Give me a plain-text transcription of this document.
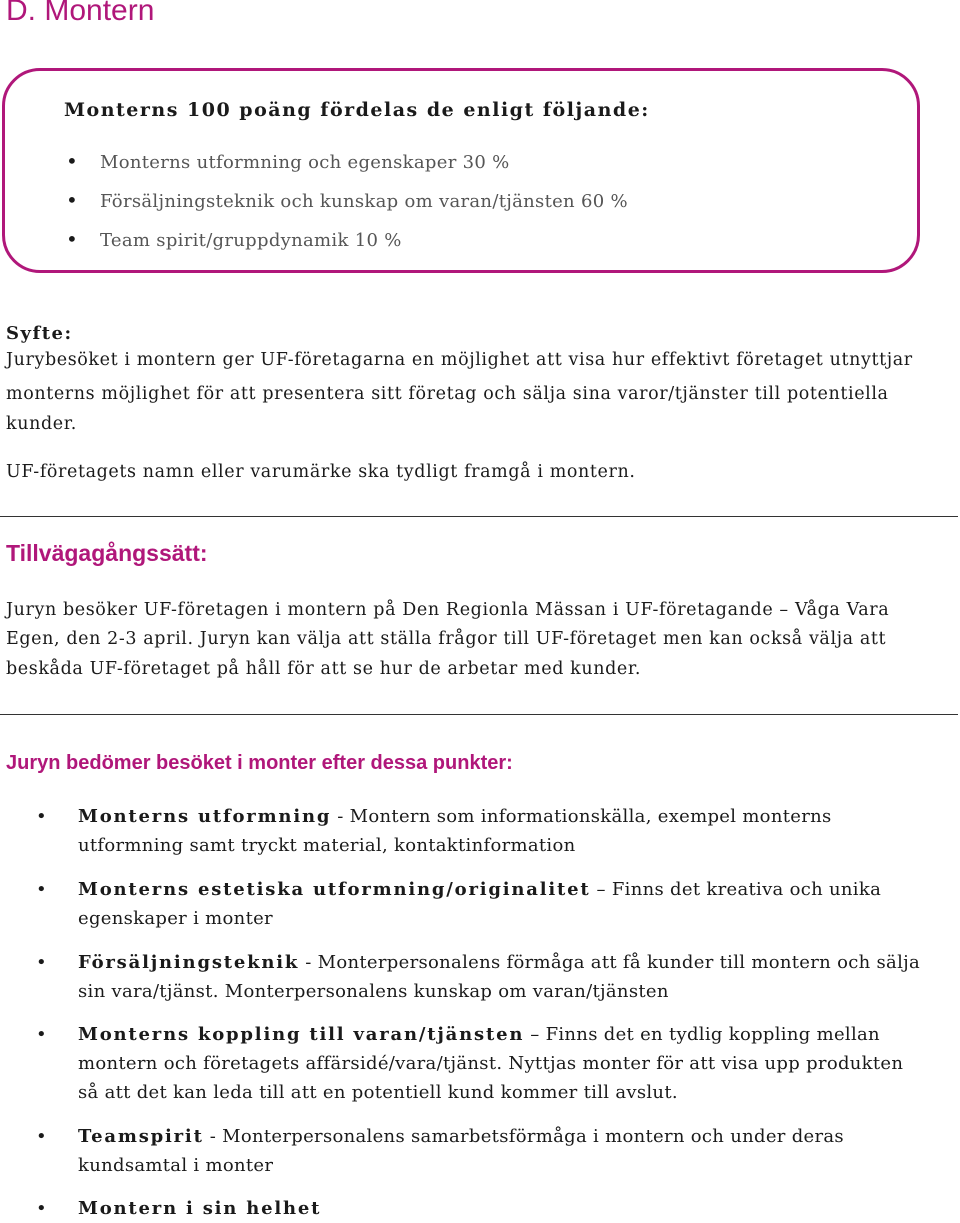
D. Montern
Monterns 100 poäng fördelas de enligt följande:
•	Monterns utformning och egenskaper 30 %
•	Försäljningsteknik och kunskap om varan/tjänsten 60 %
•	Team spirit/gruppdynamik 10 %
Syfte:
Jurybesöket i montern ger UF-företagarna en möjlighet att visa hur effektivt företaget utnyttjar
monterns möjlighet för att presentera sitt företag och sälja sina varor/tjänster till potentiella
kunder.
UF-företagets namn eller varumärke ska tydligt framgå i montern.
Tillvägagångssätt:
Juryn besöker UF-företagen i montern på Den Regionla Mässan i UF-företagande – Våga Vara
Egen, den 2-3 april. Juryn kan välja att ställa frågor till UF-företaget men kan också välja att
beskåda UF-företaget på håll för att se hur de arbetar med kunder.
Juryn bedömer besöket i monter efter dessa punkter:
• Monterns utformning - Montern som informationskälla, exempel monterns
utformning samt tryckt material, kontaktinformation
• Monterns estetiska utformning/originalitet – Finns det kreativa och unika
egenskaper i monter
• Försäljningsteknik - Monterpersonalens förmåga att få kunder till montern och sälja
sin vara/tjänst. Monterpersonalens kunskap om varan/tjänsten
• Monterns koppling till varan/tjänsten – Finns det en tydlig koppling mellan
montern och företagets affärsidé/vara/tjänst. Nyttjas monter för att visa upp produkten
så att det kan leda till att en potentiell kund kommer till avslut.
• Teamspirit - Monterpersonalens samarbetsförmåga i montern och under deras
kundsamtal i monter
• Montern i sin helhet
